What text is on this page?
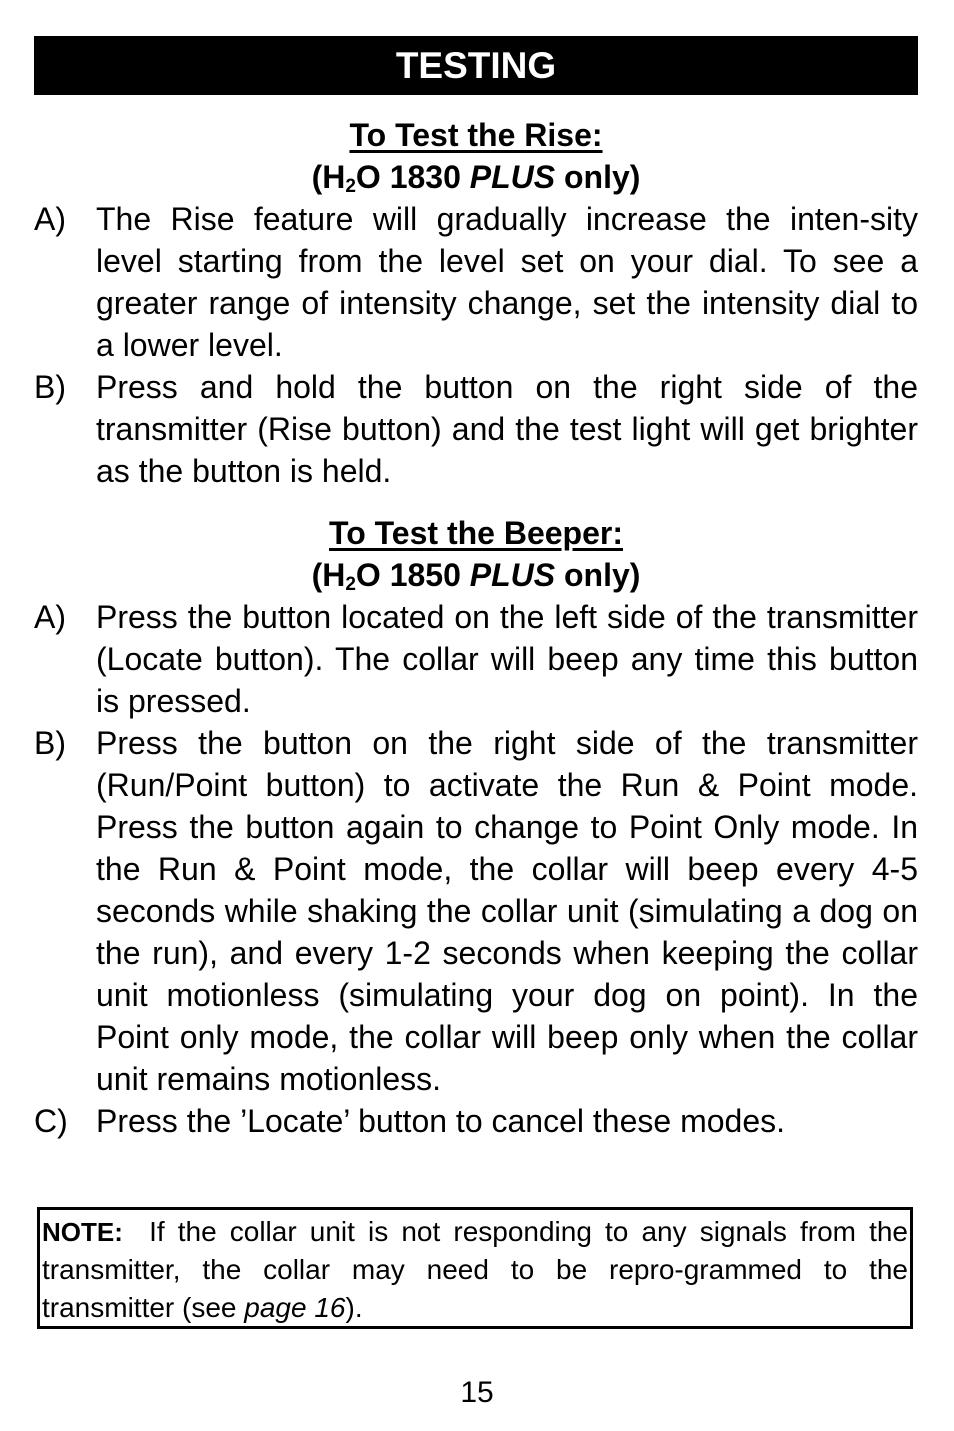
TESTING
To Test the Rise:
($H_2O$ 1830 PLUS only)
A) The Rise feature will gradually increase the inten-sity level starting from the level set on your dial. To see a greater range of intensity change, set the intensity dial to a lower level.
B) Press and hold the button on the right side of the transmitter (Rise button) and the test light will get brighter as the button is held.
To Test the Beeper:
($H_2O$ 1850 PLUS only)
A) Press the button located on the left side of the transmitter (Locate button). The collar will beep any time this button is pressed.
B) Press the button on the right side of the transmitter (Run/Point button) to activate the Run & Point mode. Press the button again to change to Point Only mode. In the Run & Point mode, the collar will beep every 4-5 seconds while shaking the collar unit (simulating a dog on the run), and every 1-2 seconds when keeping the collar unit motionless (simulating your dog on point). In the Point only mode, the collar will beep only when the collar unit remains motionless.
C) Press the ’Locate’ button to cancel these modes.
NOTE:  If the collar unit is not responding to any signals from the transmitter, the collar may need to be repro-grammed to the transmitter (see page 16).
15
